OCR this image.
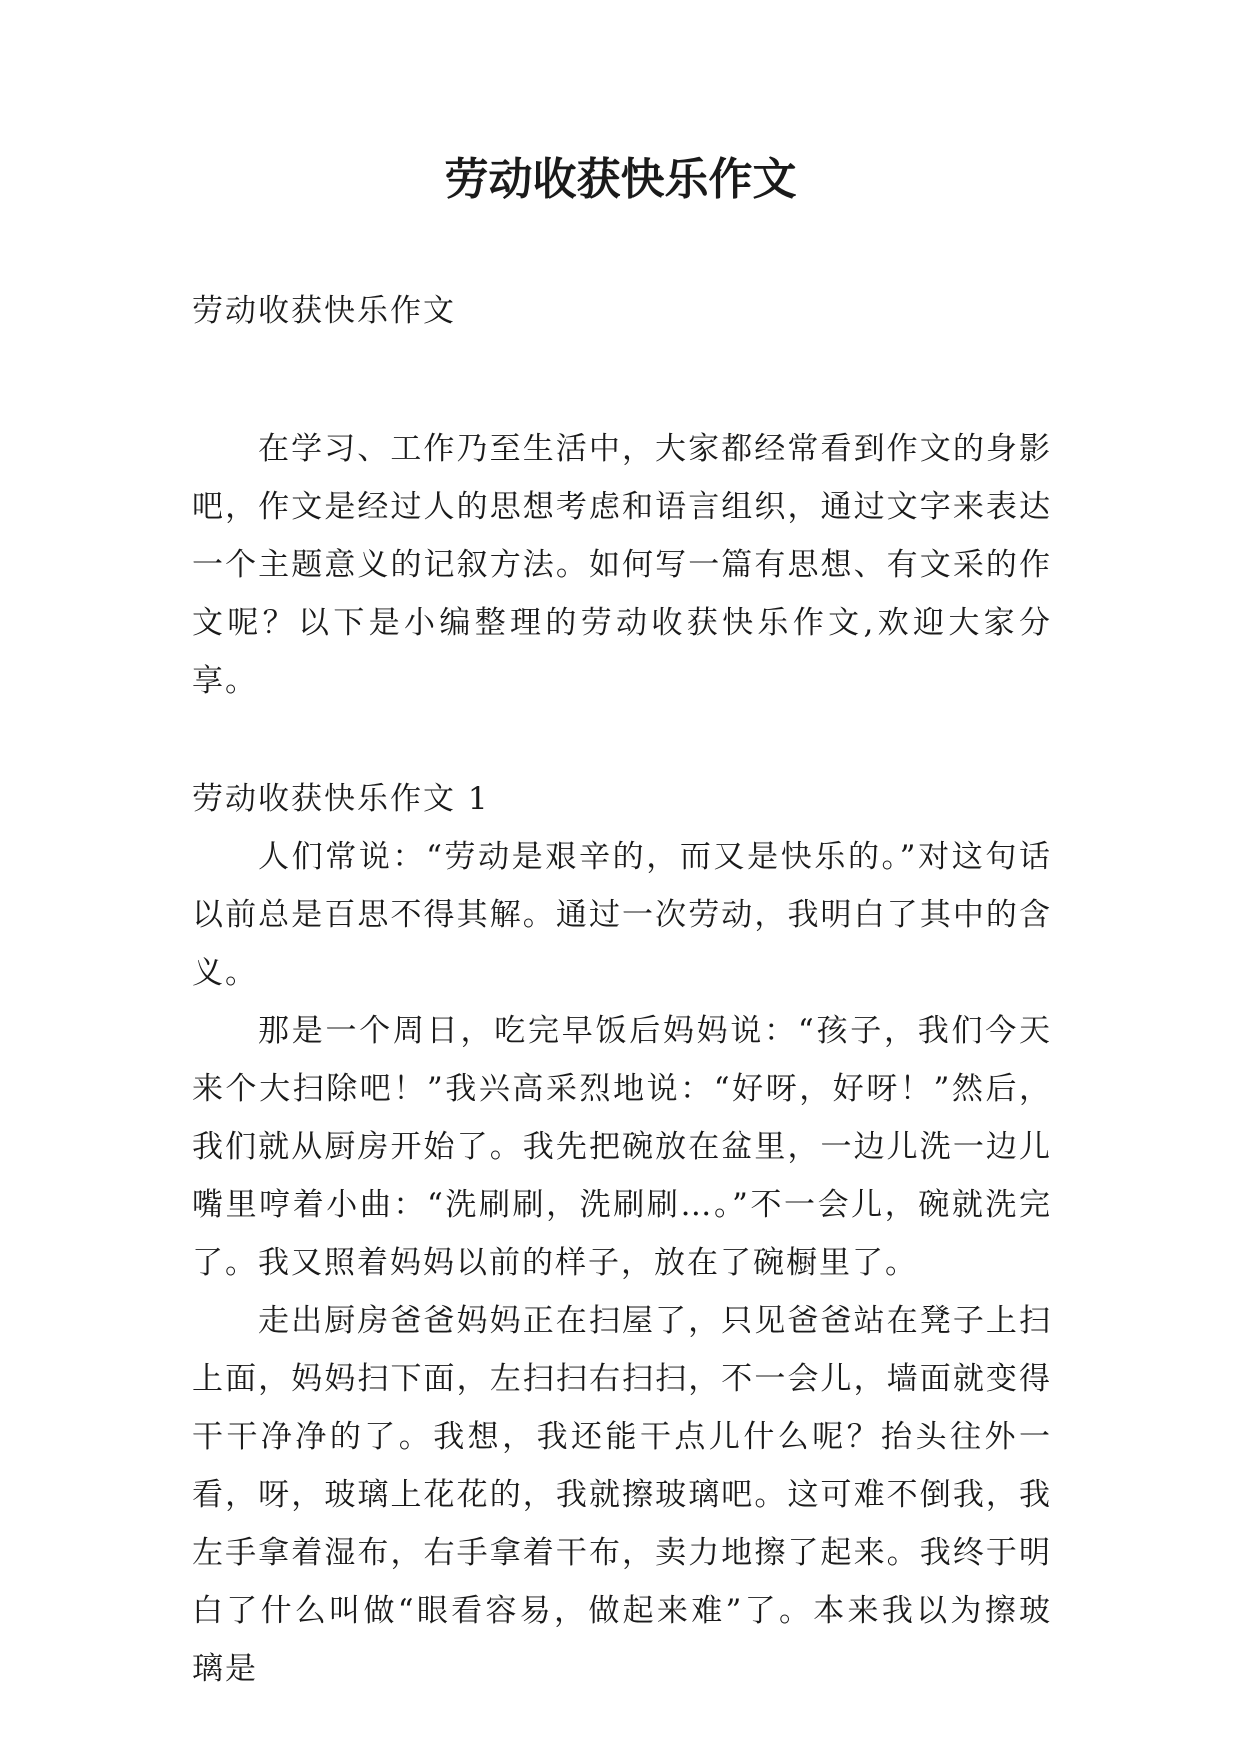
劳动收获快乐作文

劳动收获快乐作文

在学习、工作乃至生活中，大家都经常看到作文的身影吧，作文是经过人的思想考虑和语言组织，通过文字来表达一个主题意义的记叙方法。如何写一篇有思想、有文采的作文呢？以下是小编整理的劳动收获快乐作文,欢迎大家分享。

劳动收获快乐作文 1

人们常说：“劳动是艰辛的，而又是快乐的。”对这句话以前总是百思不得其解。通过一次劳动，我明白了其中的含义。

那是一个周日，吃完早饭后妈妈说：“孩子，我们今天来个大扫除吧！”我兴高采烈地说：“好呀，好呀！”然后，我们就从厨房开始了。我先把碗放在盆里，一边儿洗一边儿嘴里哼着小曲：“洗刷刷，洗刷刷…。”不一会儿，碗就洗完了。我又照着妈妈以前的样子，放在了碗橱里了。

走出厨房爸爸妈妈正在扫屋了，只见爸爸站在凳子上扫上面，妈妈扫下面，左扫扫右扫扫，不一会儿，墙面就变得干干净净的了。我想，我还能干点儿什么呢？抬头往外一看，呀，玻璃上花花的，我就擦玻璃吧。这可难不倒我，我左手拿着湿布，右手拿着干布，卖力地擦了起来。我终于明白了什么叫做“眼看容易，做起来难”了。本来我以为擦玻璃是
